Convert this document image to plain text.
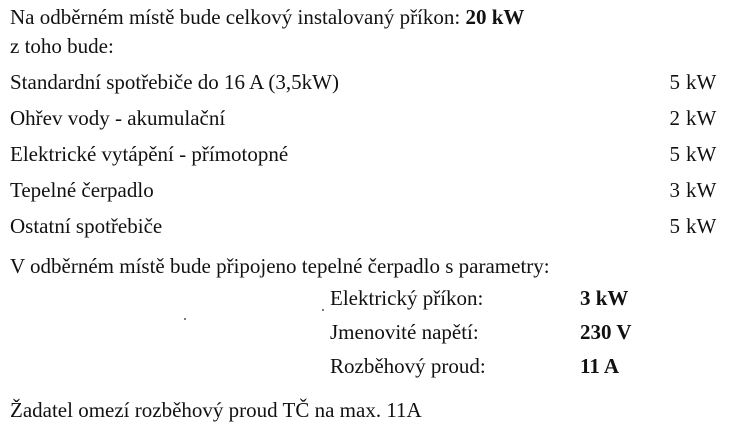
Na odběrném místě bude celkový instalovaný příkon: 20 kW
z toho bude:
Standardní spotřebiče do 16 A (3,5kW)	5 kW
Ohřev vody - akumulační	2 kW
Elektrické vytápění - přímotopné	5 kW
Tepelné čerpadlo	3 kW
Ostatní spotřebiče	5 kW
V odběrném místě bude připojeno tepelné čerpadlo s parametry:
Elektrický příkon:	3 kW
Jmenovité napětí:	230 V
Rozběhový proud:	11 A
Žadatel omezí rozběhový proud TČ na max. 11A
